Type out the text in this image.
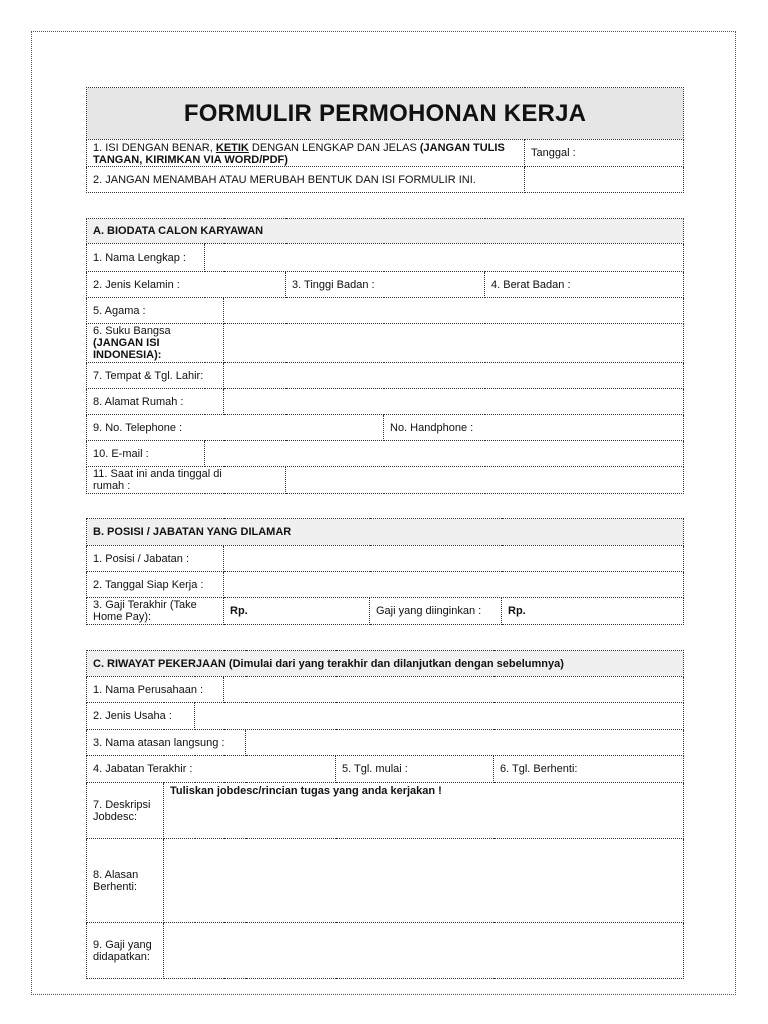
FORMULIR PERMOHONAN KERJA	
1. ISI DENGAN BENAR, KETIK DENGAN LENGKAP DAN JELAS (JANGAN TULIS TANGAN, KIRIMKAN VIA WORD/PDF)	Tanggal :
2. JANGAN MENAMBAH ATAU MERUBAH BENTUK DAN ISI FORMULIR INI.	
A. BIODATA CALON KARYAWAN					
1. Nama Lengkap :					
2. Jenis Kelamin :			3. Tinggi Badan :		4. Berat Badan :
5. Agama :					

6. Suku Bangsa
(JANGAN ISI INDONESIA):					

7. Tempat & Tgl. Lahir:					
8. Alamat Rumah :					
9. No. Telephone :				No. Handphone :	
10. E-mail :					
11. Saat ini anda tinggal di rumah :					
B. POSISI / JABATAN YANG DILAMAR			
1. Posisi / Jabatan :			
2. Tanggal Siap Kerja :			
3. Gaji Terakhir (Take Home Pay):	Rp.	Gaji yang diinginkan :	Rp.
C. RIWAYAT PEKERJAAN (Dimulai dari yang terakhir dan dilanjutkan dengan sebelumnya)						
1. Nama Perusahaan :						
2. Jenis Usaha :						
3. Nama atasan langsung :						
4. Jabatan Terakhir :					5. Tgl. mulai :	6. Tgl. Berhenti:
7. Deskripsi Jobdesc:	Tuliskan jobdesc/rincian tugas yang anda kerjakan !					
8. Alasan Berhenti:						
9. Gaji yang didapatkan:						
